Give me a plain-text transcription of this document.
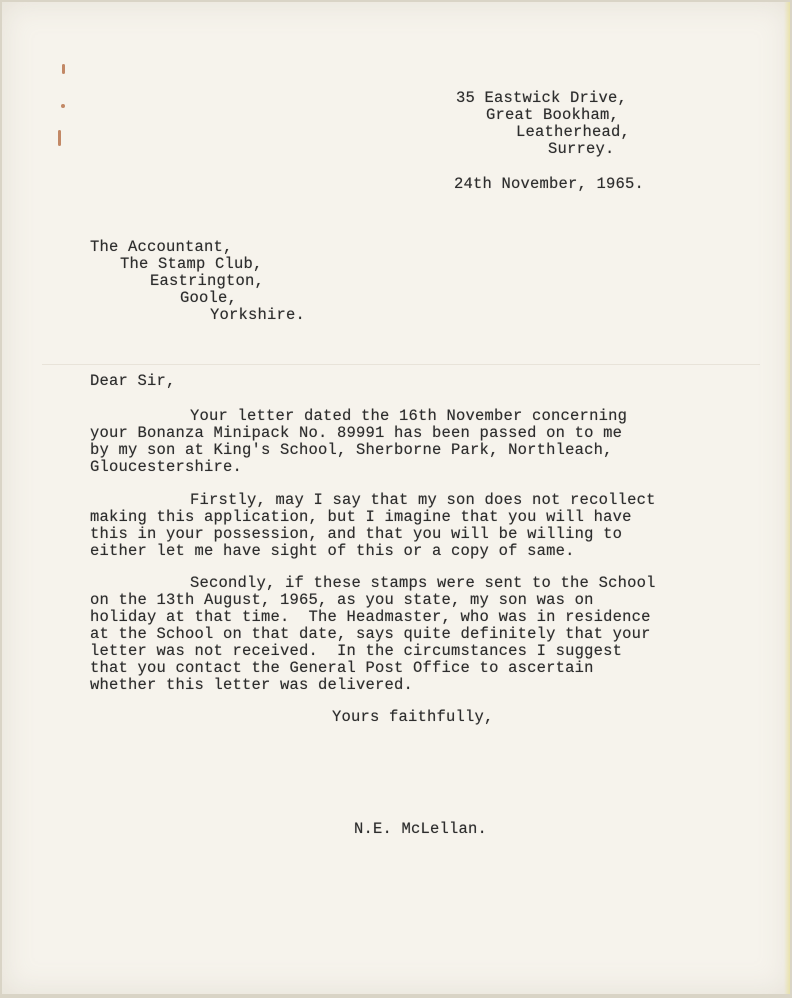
35 Eastwick Drive,
Great Bookham,
Leatherhead,
Surrey.
24th November, 1965.
The Accountant,
The Stamp Club,
Eastrington,
Goole,
Yorkshire.
Dear Sir,
Your letter dated the 16th November concerning
your Bonanza Minipack No. 89991 has been passed on to me
by my son at King's School, Sherborne Park, Northleach,
Gloucestershire.
Firstly, may I say that my son does not recollect
making this application, but I imagine that you will have
this in your possession, and that you will be willing to
either let me have sight of this or a copy of same.
Secondly, if these stamps were sent to the School
on the 13th August, 1965, as you state, my son was on
holiday at that time.  The Headmaster, who was in residence
at the School on that date, says quite definitely that your
letter was not received.  In the circumstances I suggest
that you contact the General Post Office to ascertain
whether this letter was delivered.
Yours faithfully,
N.E. McLellan.
